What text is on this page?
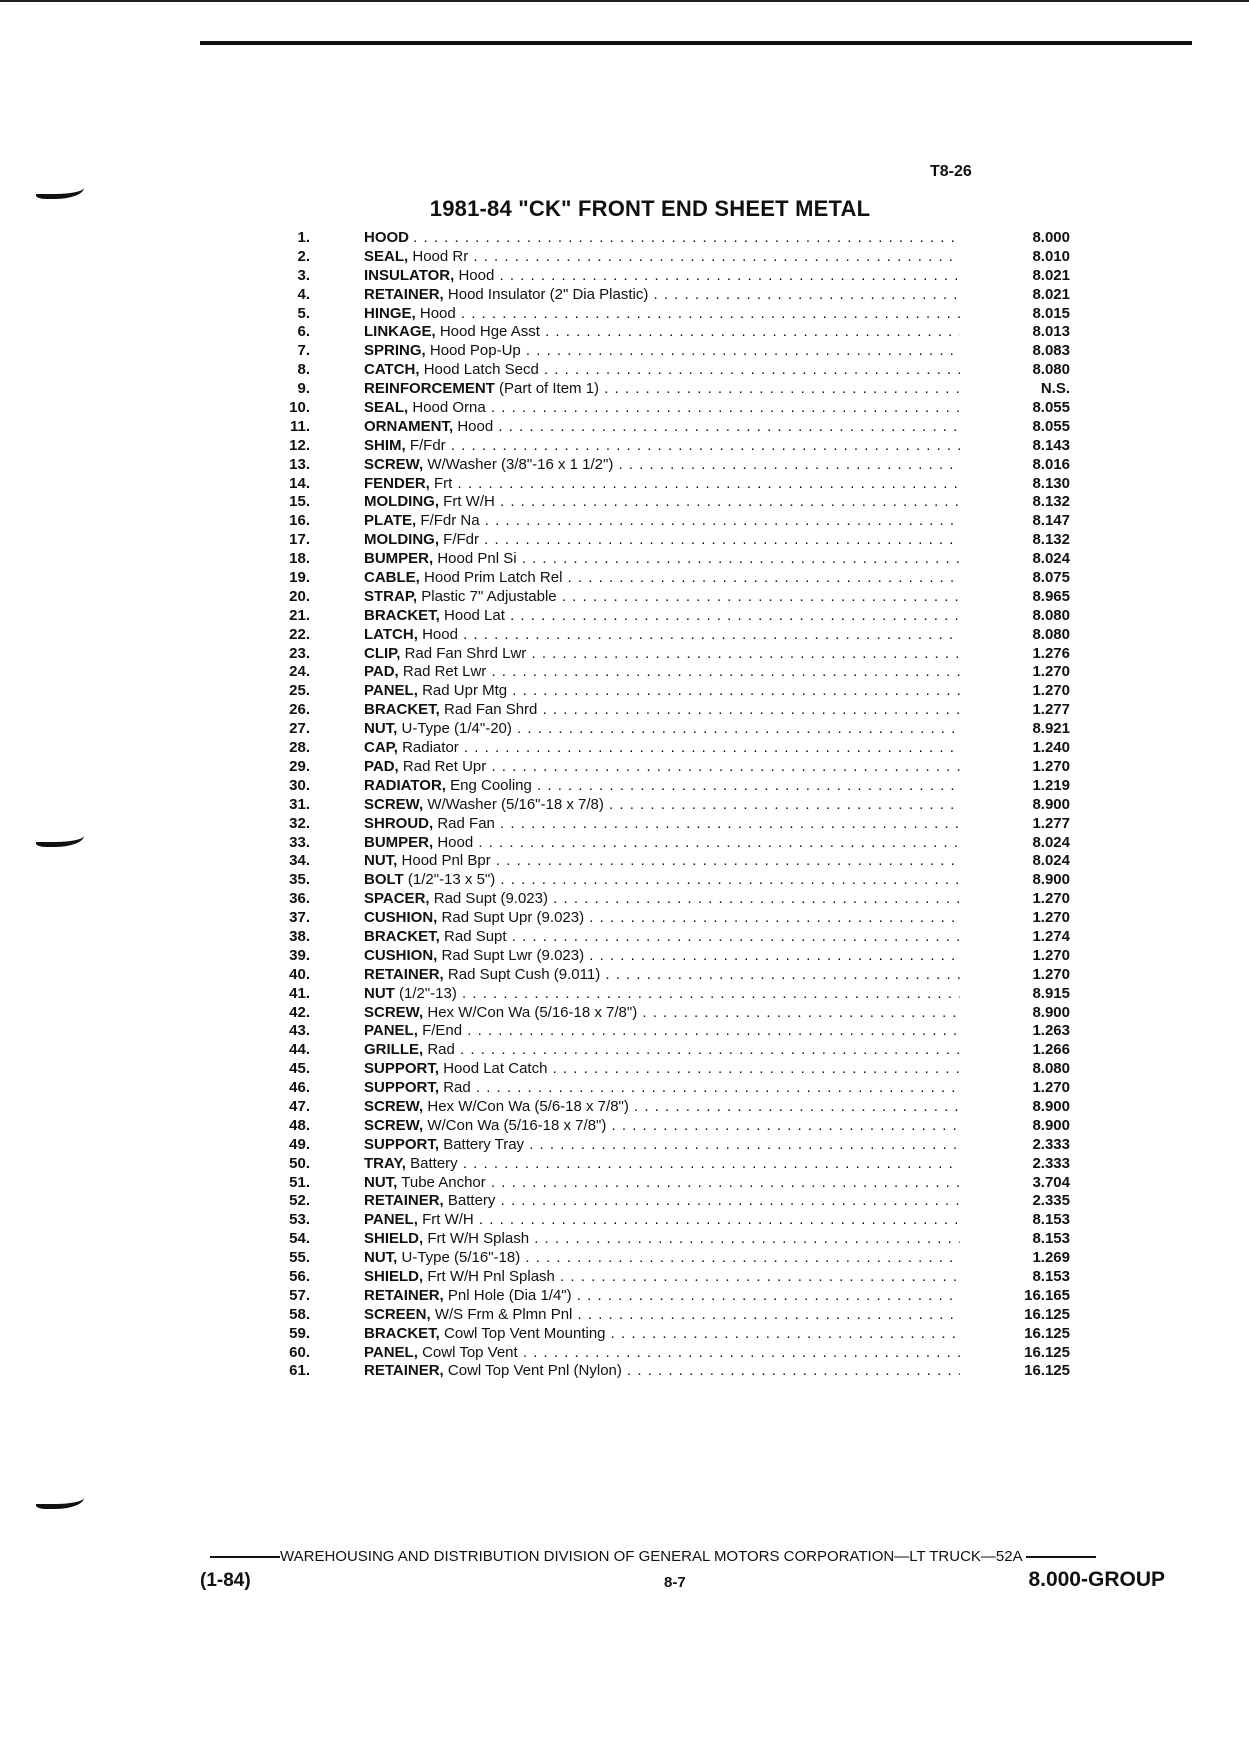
T8-26
1981-84 "CK" FRONT END SHEET METAL
1.	HOOD . . .	8.000
2.	SEAL, Hood Rr . . .	8.010
3.	INSULATOR, Hood . . .	8.021
4.	RETAINER, Hood Insulator (2" Dia Plastic) . . .	8.021
5.	HINGE, Hood . . .	8.015
6.	LINKAGE, Hood Hge Asst . . .	8.013
7.	SPRING, Hood Pop-Up . . .	8.083
8.	CATCH, Hood Latch Secd . . .	8.080
9.	REINFORCEMENT (Part of Item 1) . . .	N.S.
10.	SEAL, Hood Orna . . .	8.055
11.	ORNAMENT, Hood . . .	8.055
12.	SHIM, F/Fdr . . .	8.143
13.	SCREW, W/Washer (3/8"-16 x 1 1/2") . . .	8.016
14.	FENDER, Frt . . .	8.130
15.	MOLDING, Frt W/H . . .	8.132
16.	PLATE, F/Fdr Na . . .	8.147
17.	MOLDING, F/Fdr . . .	8.132
18.	BUMPER, Hood Pnl Si . . .	8.024
19.	CABLE, Hood Prim Latch Rel . . .	8.075
20.	STRAP, Plastic 7" Adjustable . . .	8.965
21.	BRACKET, Hood Lat . . .	8.080
22.	LATCH, Hood . . .	8.080
23.	CLIP, Rad Fan Shrd Lwr . . .	1.276
24.	PAD, Rad Ret Lwr . . .	1.270
25.	PANEL, Rad Upr Mtg . . .	1.270
26.	BRACKET, Rad Fan Shrd . . .	1.277
27.	NUT, U-Type (1/4"-20) . . .	8.921
28.	CAP, Radiator . . .	1.240
29.	PAD, Rad Ret Upr . . .	1.270
30.	RADIATOR, Eng Cooling . . .	1.219
31.	SCREW, W/Washer (5/16"-18 x 7/8) . . .	8.900
32.	SHROUD, Rad Fan . . .	1.277
33.	BUMPER, Hood . . .	8.024
34.	NUT, Hood Pnl Bpr . . .	8.024
35.	BOLT (1/2"-13 x 5") . . .	8.900
36.	SPACER, Rad Supt (9.023) . . .	1.270
37.	CUSHION, Rad Supt Upr (9.023) . . .	1.270
38.	BRACKET, Rad Supt . . .	1.274
39.	CUSHION, Rad Supt Lwr (9.023) . . .	1.270
40.	RETAINER, Rad Supt Cush (9.011) . . .	1.270
41.	NUT (1/2"-13) . . .	8.915
42.	SCREW, Hex W/Con Wa (5/16-18 x 7/8") . . .	8.900
43.	PANEL, F/End . . .	1.263
44.	GRILLE, Rad . . .	1.266
45.	SUPPORT, Hood Lat Catch . . .	8.080
46.	SUPPORT, Rad . . .	1.270
47.	SCREW, Hex W/Con Wa (5/6-18 x 7/8") . . .	8.900
48.	SCREW, W/Con Wa (5/16-18 x 7/8") . . .	8.900
49.	SUPPORT, Battery Tray . . .	2.333
50.	TRAY, Battery . . .	2.333
51.	NUT, Tube Anchor . . .	3.704
52.	RETAINER, Battery . . .	2.335
53.	PANEL, Frt W/H . . .	8.153
54.	SHIELD, Frt W/H Splash . . .	8.153
55.	NUT, U-Type (5/16"-18) . . .	1.269
56.	SHIELD, Frt W/H Pnl Splash . . .	8.153
57.	RETAINER, Pnl Hole (Dia 1/4") . . .	16.165
58.	SCREEN, W/S Frm & Plmn Pnl . . .	16.125
59.	BRACKET, Cowl Top Vent Mounting . . .	16.125
60.	PANEL, Cowl Top Vent . . .	16.125
61.	RETAINER, Cowl Top Vent Pnl (Nylon) . . .	16.125
WAREHOUSING AND DISTRIBUTION DIVISION OF GENERAL MOTORS CORPORATION—LT TRUCK—52A
(1-84)	8-7	8.000-GROUP
